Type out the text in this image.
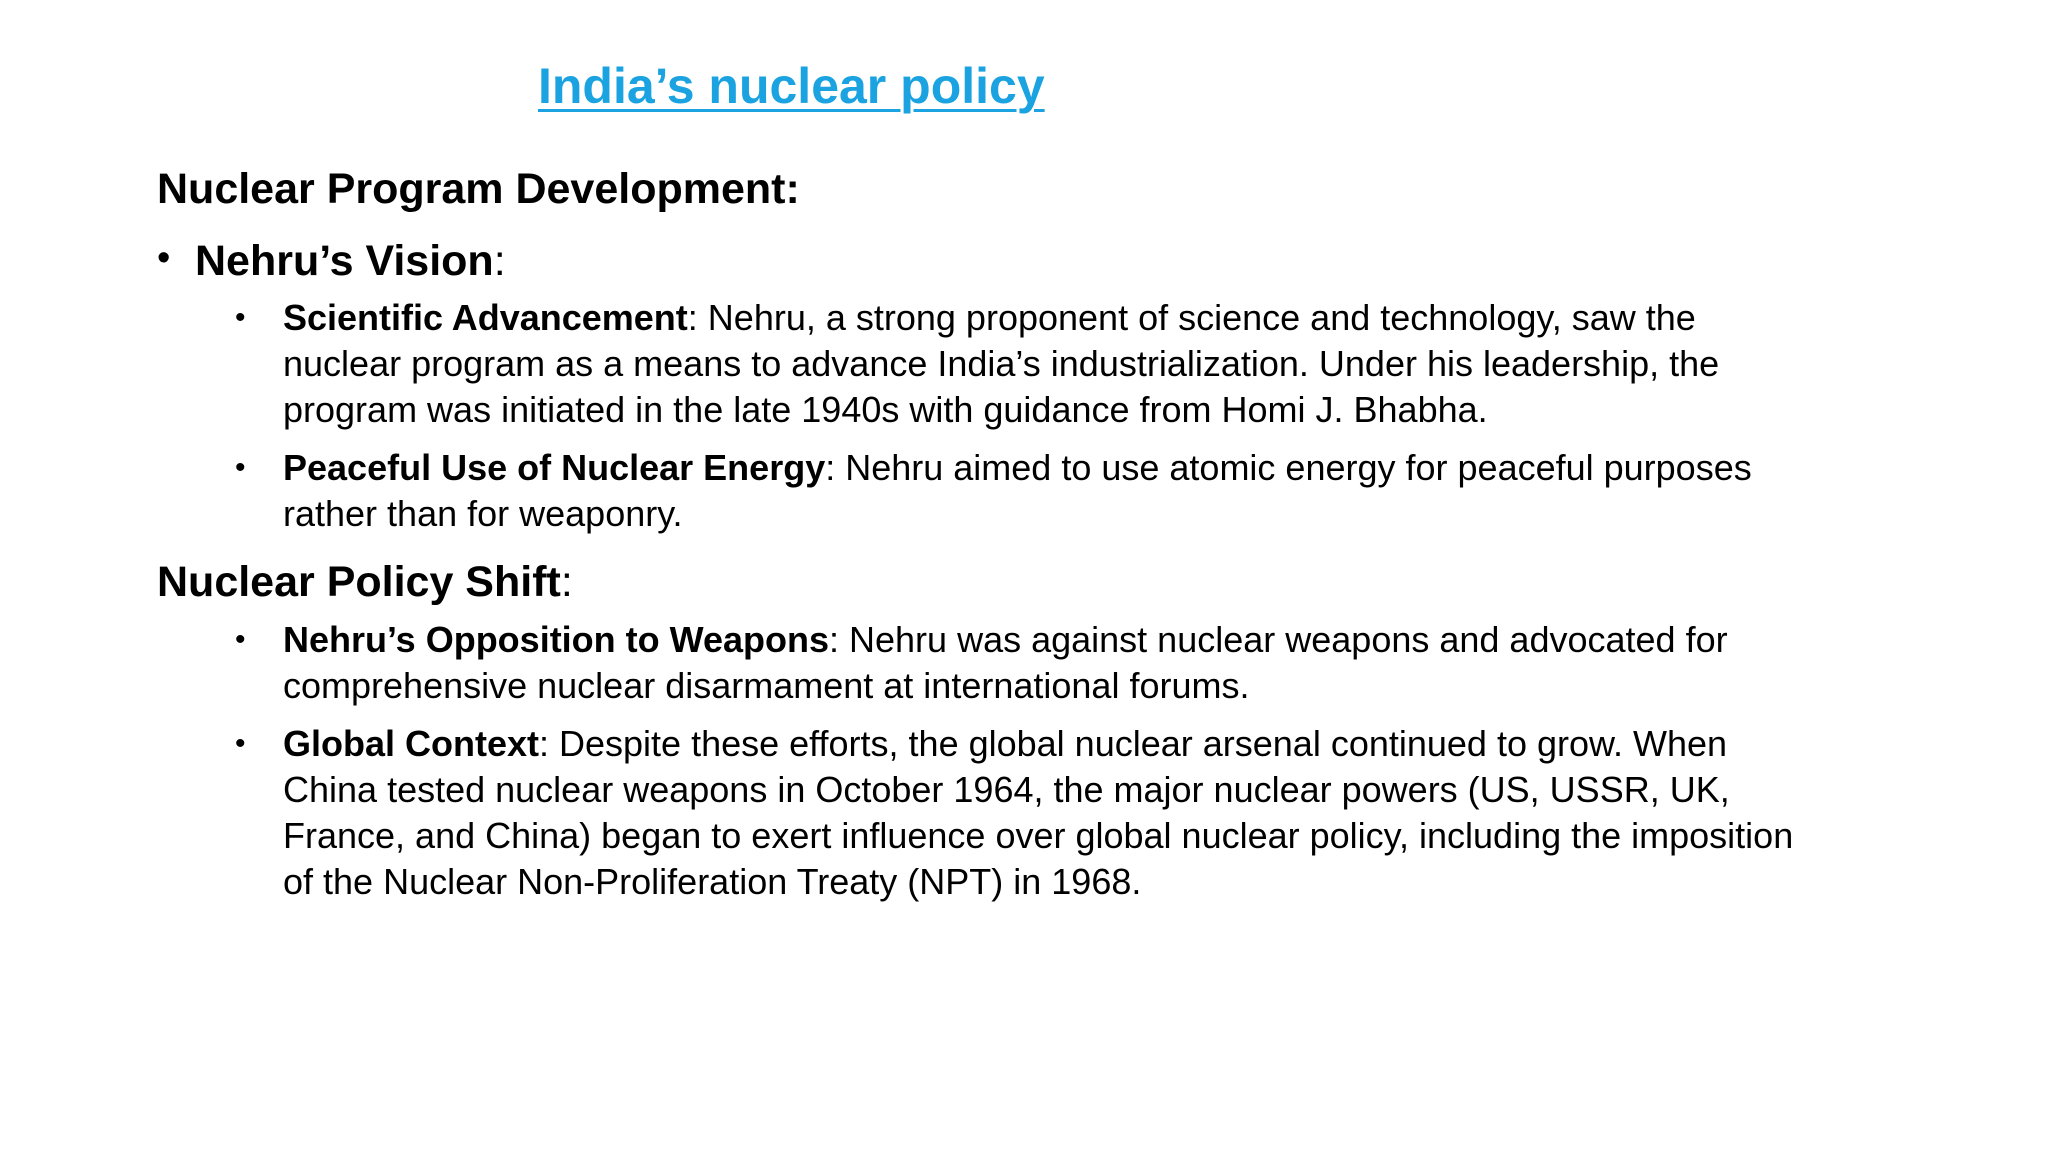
India’s nuclear policy
Nuclear Program Development:
• Nehru’s Vision:
• Scientific Advancement: Nehru, a strong proponent of science and technology, saw the
nuclear program as a means to advance India’s industrialization. Under his leadership, the
program was initiated in the late 1940s with guidance from Homi J. Bhabha.
• Peaceful Use of Nuclear Energy: Nehru aimed to use atomic energy for peaceful purposes
rather than for weaponry.
Nuclear Policy Shift:
• Nehru’s Opposition to Weapons: Nehru was against nuclear weapons and advocated for
comprehensive nuclear disarmament at international forums.
• Global Context: Despite these efforts, the global nuclear arsenal continued to grow. When
China tested nuclear weapons in October 1964, the major nuclear powers (US, USSR, UK,
France, and China) began to exert influence over global nuclear policy, including the imposition
of the Nuclear Non-Proliferation Treaty (NPT) in 1968.
